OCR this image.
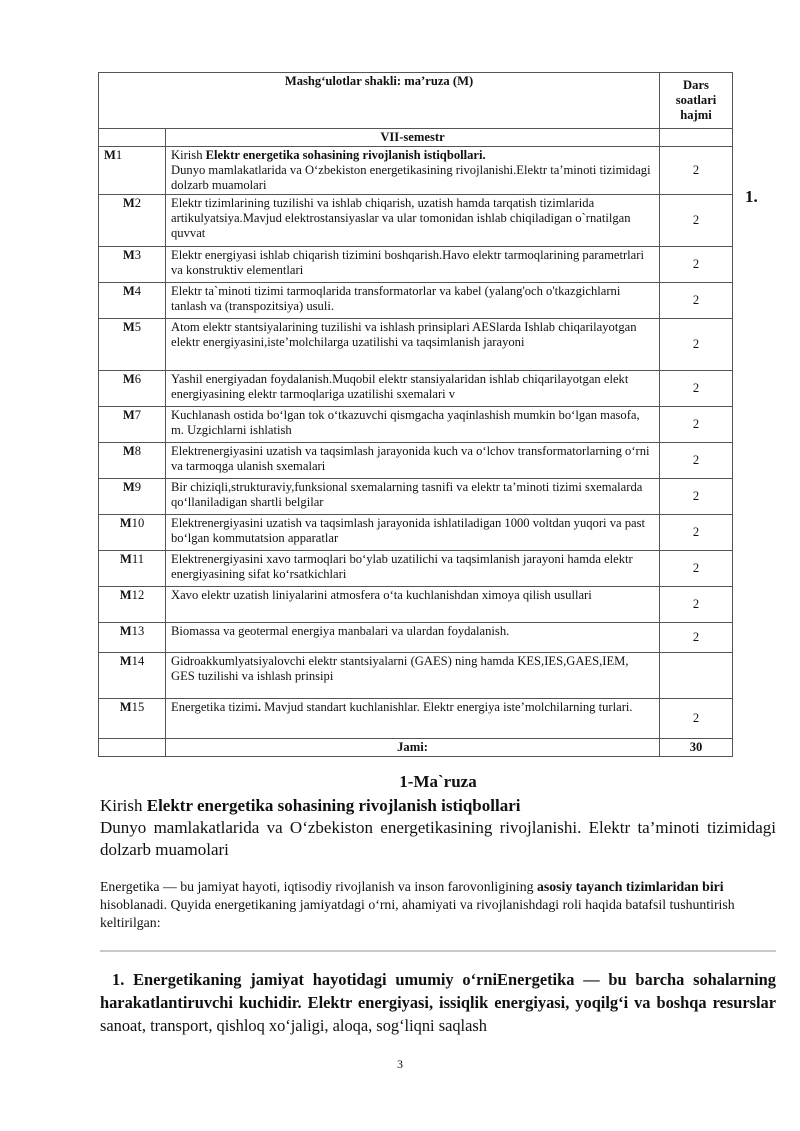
Mashg‘ulotlar shakli: ma’ruza (M)		Dars soatlari hajmi
	VII-semestr	
M1	Kirish Elektr energetika sohasining rivojlanish istiqbollari.
Dunyo mamlakatlarida va O‘zbekiston energetikasining rivojlanishi.Elektr ta’minoti tizimidagi dolzarb muamolari	2
M2	Elektr tizimlarining tuzilishi va ishlab chiqarish, uzatish hamda tarqatish tizimlarida artikulyatsiya.Mavjud elektrostansiyaslar va ular tomonidan ishlab chiqiladigan o`rnatilgan quvvat	2
M3	Elektr energiyasi ishlab chiqarish tizimini boshqarish.Havo elektr tarmoqlarining parametrlari va konstruktiv elementlari	2
M4	Elektr ta`minoti tizimi tarmoqlarida transformatorlar va kabel (yalang'och o'tkazgichlarni tanlash va (transpozitsiya) usuli.	2
M5	Atom elektr stantsiyalarining tuzilishi va ishlash prinsiplari AESlarda Ishlab chiqarilayotgan elektr energiyasini,iste’molchilarga uzatilishi va taqsimlanish jarayoni	2
M6	Yashil energiyadan foydalanish.Muqobil elektr stansiyalaridan ishlab chiqarilayotgan elekt energiyasining elektr tarmoqlariga uzatilishi sxemalari v	2
M7	Kuchlanash ostida bo‘lgan tok o‘tkazuvchi qismgacha yaqinlashish mumkin bo‘lgan masofa, m. Uzgichlarni ishlatish	2
M8	Elektrenergiyasini uzatish va taqsimlash jarayonida kuch va o‘lchov transformatorlarning o‘rni va tarmoqga ulanish sxemalari	2
M9	Bir chiziqli,strukturaviy,funksional sxemalarning tasnifi va elektr ta’minoti tizimi sxemalarda qo‘llaniladigan shartli belgilar	2
M10	Elektrenergiyasini uzatish va taqsimlash jarayonida ishlatiladigan 1000 voltdan yuqori va past bo‘lgan kommutatsion apparatlar	2
M11	Elektrenergiyasini xavo tarmoqlari bo‘ylab uzatilichi va taqsimlanish jarayoni hamda elektr energiyasining sifat ko‘rsatkichlari	2
M12	Xavo elektr uzatish liniyalarini atmosfera o‘ta kuchlanishdan ximoya qilish usullari	2
M13	Biomassa va geotermal energiya manbalari va ulardan foydalanish.	2
M14	Gidroakkumlyatsiyalovchi elektr stantsiyalarni (GAES) ning hamda KES,IES,GAES,IEM, GES tuzilishi va ishlash prinsipi	
M15	Energetika tizimi. Mavjud standart kuchlanishlar. Elektr energiya iste’molchilarning turlari.	2
	Jami:	30
1.
1-Ma`ruza
Kirish Elektr energetika sohasining rivojlanish istiqbollari
Dunyo mamlakatlarida va O‘zbekiston energetikasining rivojlanishi. Elektr ta’minoti tizimidagi dolzarb muamolari
Energetika — bu jamiyat hayoti, iqtisodiy rivojlanish va inson farovonligining asosiy tayanch tizimlaridan biri hisoblanadi. Quyida energetikaning jamiyatdagi o‘rni, ahamiyati va rivojlanishdagi roli haqida batafsil tushuntirish keltirilgan:
1. Energetikaning jamiyat hayotidagi umumiy o‘rniEnergetika — bu barcha sohalarning harakatlantiruvchi kuchidir. Elektr energiyasi, issiqlik energiyasi, yoqilg‘i va boshqa resurslar sanoat, transport, qishloq xo‘jaligi, aloqa, sog‘liqni saqlash
3
